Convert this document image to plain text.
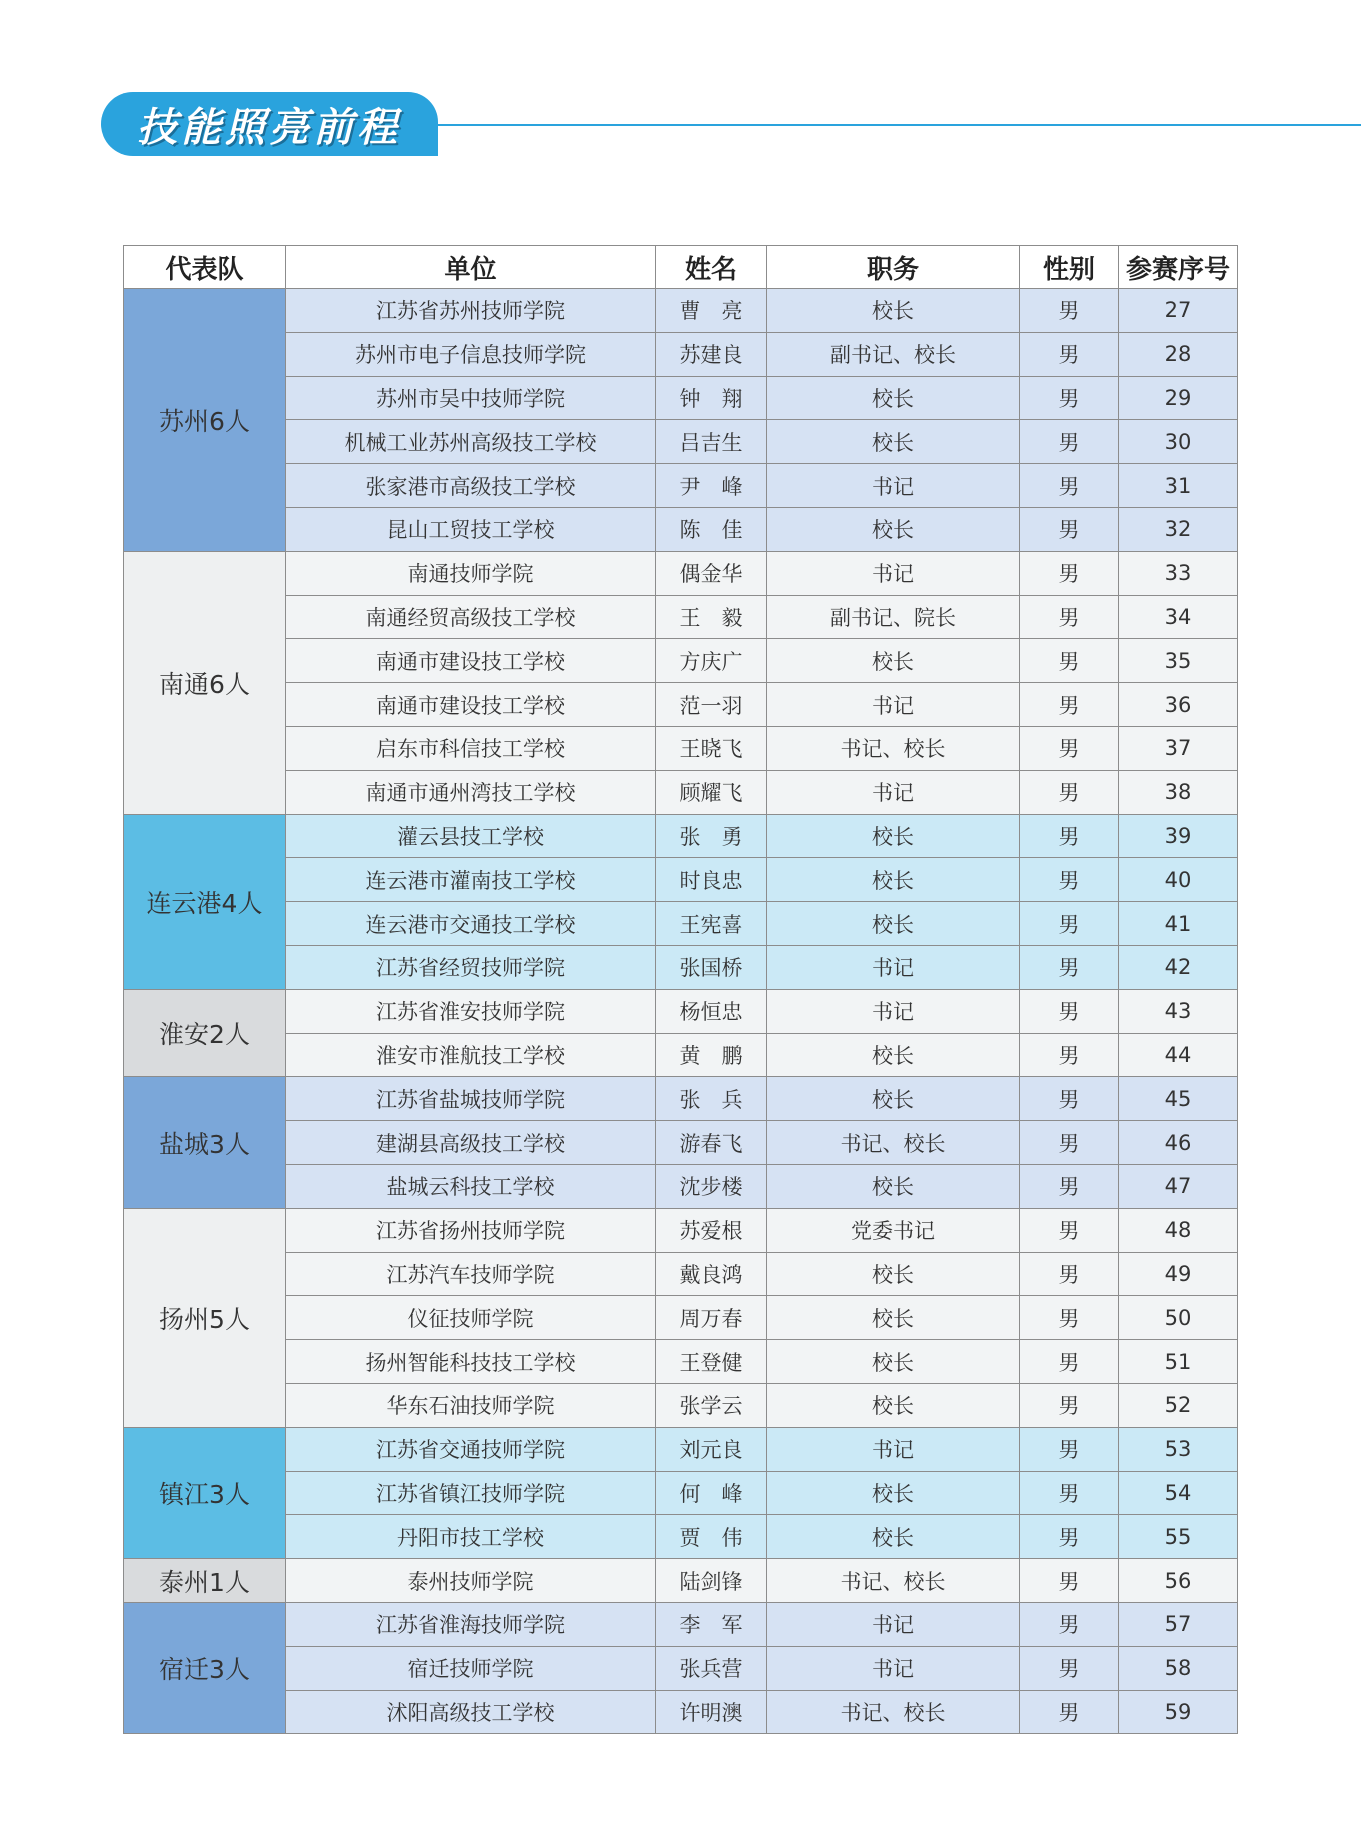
技能照亮前程
代表队	单位	姓名	职务	性别	参赛序号
苏州6人	江苏省苏州技师学院	曹　亮	校长	男	27
	苏州市电子信息技师学院	苏建良	副书记、校长	男	28
	苏州市吴中技师学院	钟　翔	校长	男	29
	机械工业苏州高级技工学校	吕吉生	校长	男	30
	张家港市高级技工学校	尹　峰	书记	男	31
	昆山工贸技工学校	陈　佳	校长	男	32
南通6人	南通技师学院	偶金华	书记	男	33
	南通经贸高级技工学校	王　毅	副书记、院长	男	34
	南通市建设技工学校	方庆广	校长	男	35
	南通市建设技工学校	范一羽	书记	男	36
	启东市科信技工学校	王晓飞	书记、校长	男	37
	南通市通州湾技工学校	顾耀飞	书记	男	38
连云港4人	灌云县技工学校	张　勇	校长	男	39
	连云港市灌南技工学校	时良忠	校长	男	40
	连云港市交通技工学校	王宪喜	校长	男	41
	江苏省经贸技师学院	张国桥	书记	男	42
淮安2人	江苏省淮安技师学院	杨恒忠	书记	男	43
	淮安市淮航技工学校	黄　鹏	校长	男	44
盐城3人	江苏省盐城技师学院	张　兵	校长	男	45
	建湖县高级技工学校	游春飞	书记、校长	男	46
	盐城云科技工学校	沈步楼	校长	男	47
扬州5人	江苏省扬州技师学院	苏爱根	党委书记	男	48
	江苏汽车技师学院	戴良鸿	校长	男	49
	仪征技师学院	周万春	校长	男	50
	扬州智能科技技工学校	王登健	校长	男	51
	华东石油技师学院	张学云	校长	男	52
镇江3人	江苏省交通技师学院	刘元良	书记	男	53
	江苏省镇江技师学院	何　峰	校长	男	54
	丹阳市技工学校	贾　伟	校长	男	55
泰州1人	泰州技师学院	陆剑锋	书记、校长	男	56
宿迁3人	江苏省淮海技师学院	李　军	书记	男	57
	宿迁技师学院	张兵营	书记	男	58
	沭阳高级技工学校	许明澳	书记、校长	男	59
